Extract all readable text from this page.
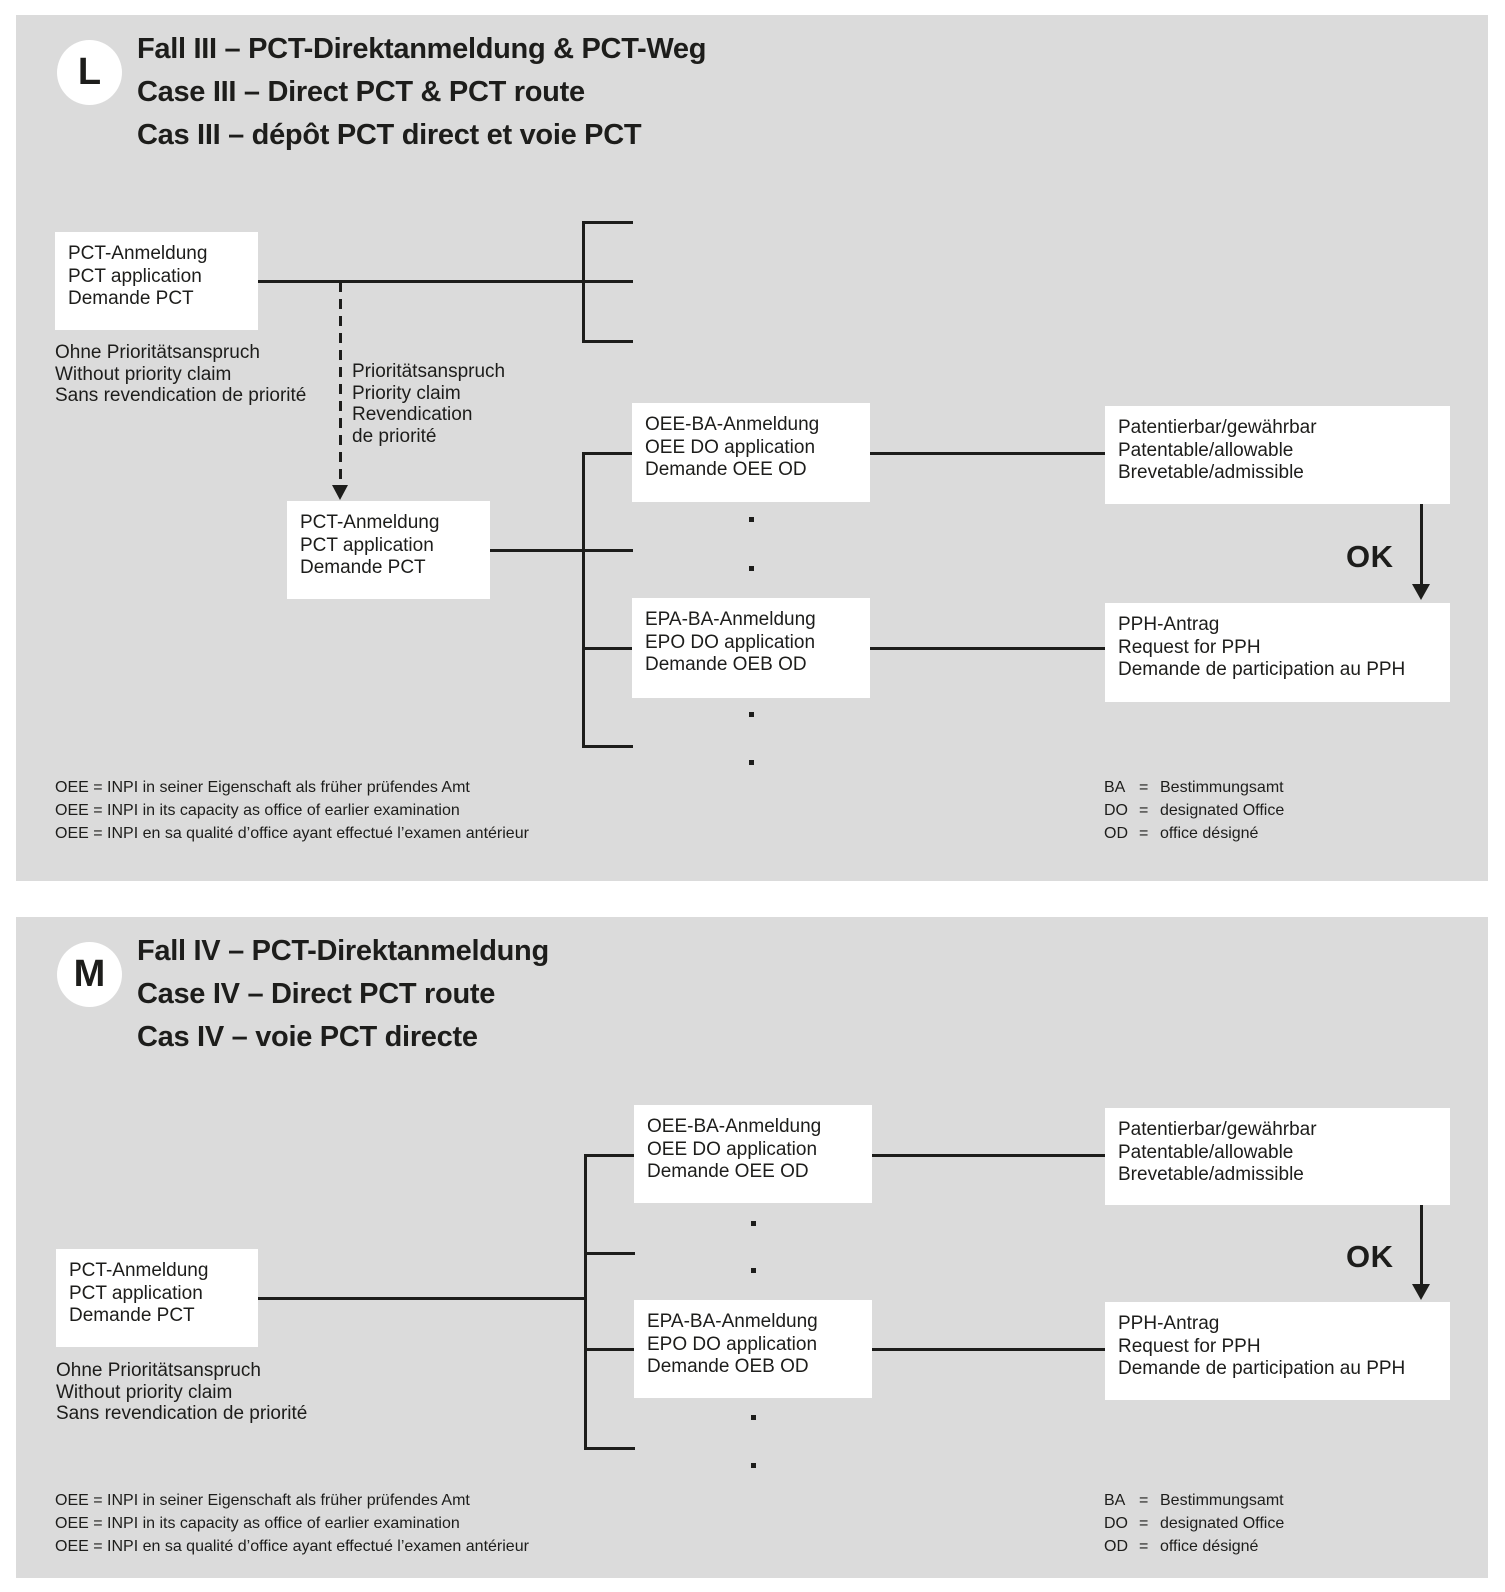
L
Fall III – PCT-Direktanmeldung & PCT-Weg
Case III – Direct PCT & PCT route
Cas III – dépôt PCT direct et voie PCT
OK
PCT-Anmeldung
PCT application
Demande PCT
Ohne Prioritätsanspruch
Without priority claim
Sans revendication de priorité
Prioritätsanspruch
Priority claim
Revendication
de priorité
PCT-Anmeldung
PCT application
Demande PCT
OEE-BA-Anmeldung
OEE DO application
Demande OEE OD
EPA-BA-Anmeldung
EPO DO application
Demande OEB OD
Patentierbar/gewährbar
Patentable/allowable
Brevetable/admissible
PPH-Antrag
Request for PPH
Demande de participation au PPH
OEE = INPI in seiner Eigenschaft als früher prüfendes Amt
OEE = INPI in its capacity as office of earlier examination
OEE = INPI en sa qualité d’office ayant effectué l’examen antérieur
BA = Bestimmungsamt
DO = designated Office
OD = office désigné
M
Fall IV – PCT-Direktanmeldung
Case IV – Direct PCT route
Cas IV – voie PCT directe
OK
PCT-Anmeldung
PCT application
Demande PCT
Ohne Prioritätsanspruch
Without priority claim
Sans revendication de priorité
OEE-BA-Anmeldung
OEE DO application
Demande OEE OD
EPA-BA-Anmeldung
EPO DO application
Demande OEB OD
Patentierbar/gewährbar
Patentable/allowable
Brevetable/admissible
PPH-Antrag
Request for PPH
Demande de participation au PPH
OEE = INPI in seiner Eigenschaft als früher prüfendes Amt
OEE = INPI in its capacity as office of earlier examination
OEE = INPI en sa qualité d’office ayant effectué l’examen antérieur
BA = Bestimmungsamt
DO = designated Office
OD = office désigné
